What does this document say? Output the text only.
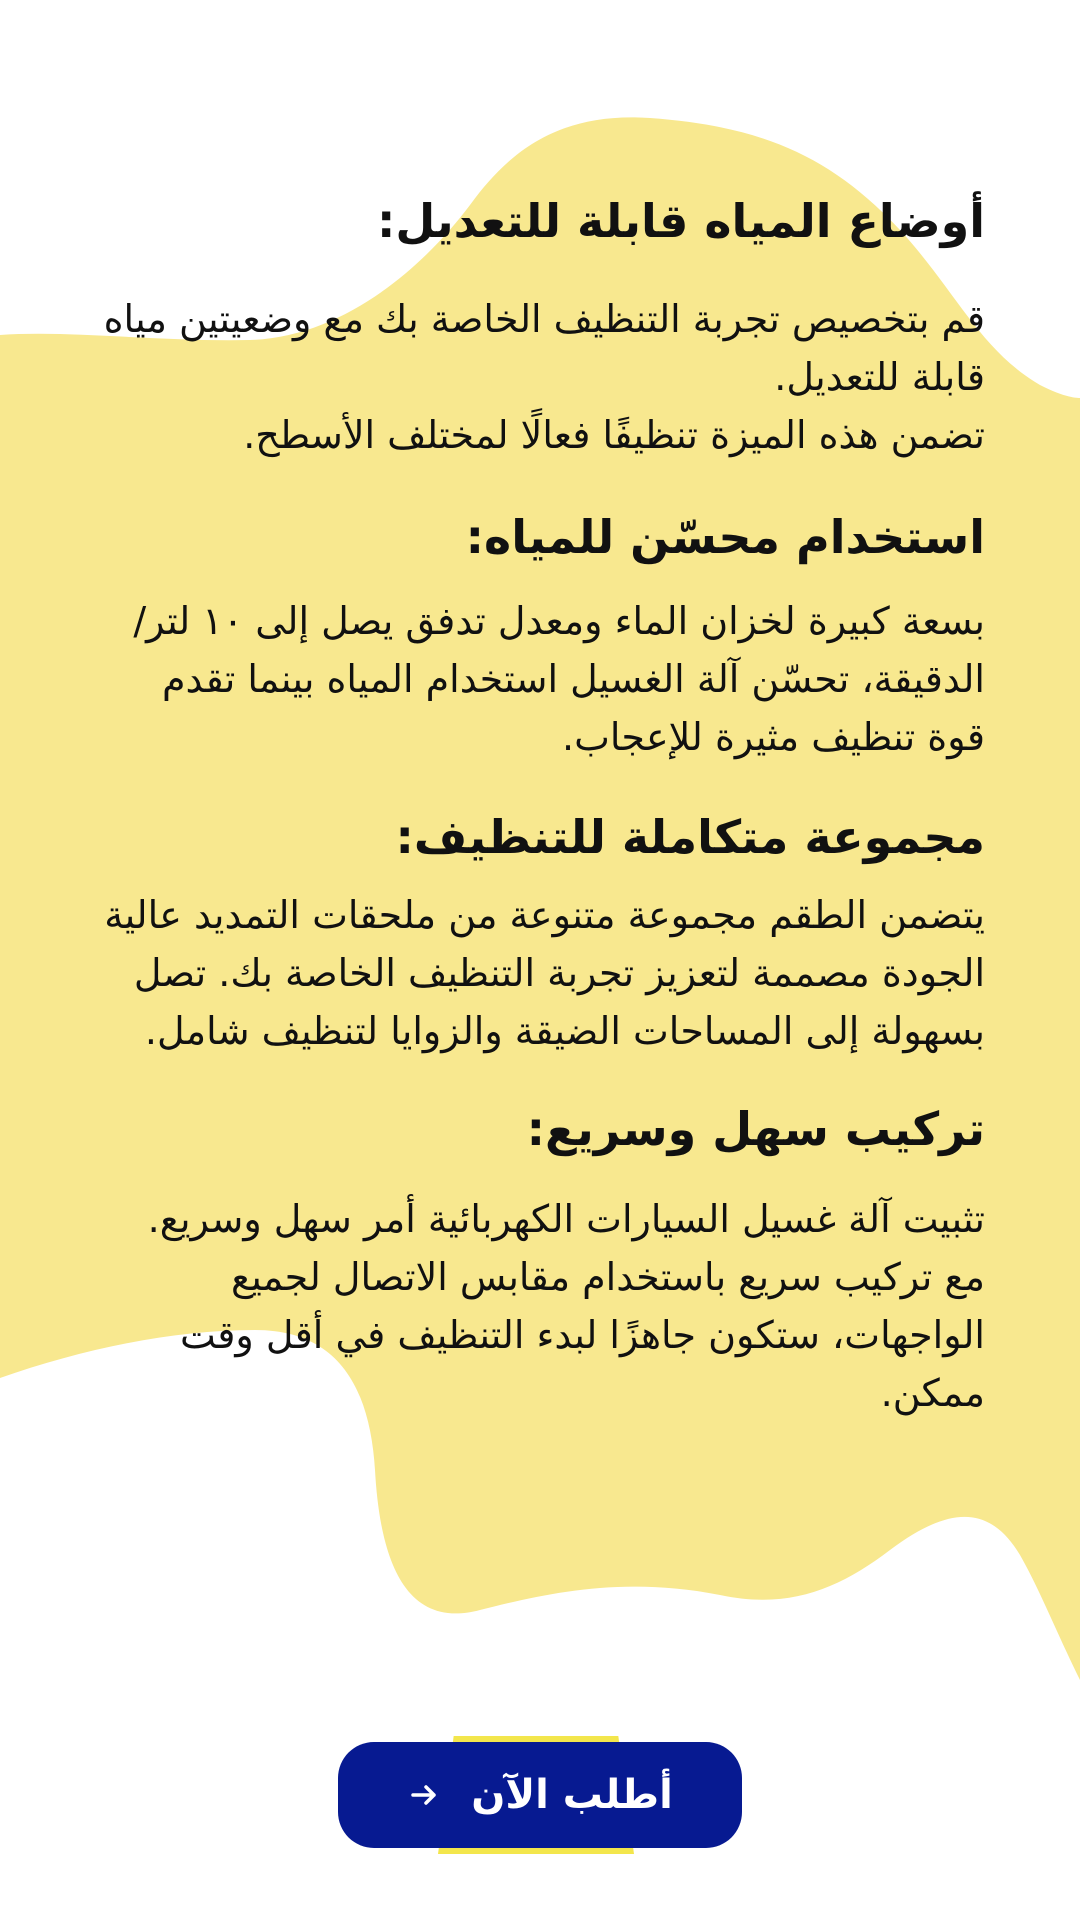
أوضاع المياه قابلة للتعديل:

قم بتخصيص تجربة التنظيف الخاصة بك مع وضعيتين مياه قابلة للتعديل.
تضمن هذه الميزة تنظيفًا فعالًا لمختلف الأسطح.

استخدام محسّن للمياه:

بسعة كبيرة لخزان الماء ومعدل تدفق يصل إلى ١٠ لتر/الدقيقة، تحسّن آلة الغسيل استخدام المياه بينما تقدم قوة تنظيف مثيرة للإعجاب.

مجموعة متكاملة للتنظيف:

يتضمن الطقم مجموعة متنوعة من ملحقات التمديد عالية الجودة مصممة لتعزيز تجربة التنظيف الخاصة بك. تصل بسهولة إلى المساحات الضيقة والزوايا لتنظيف شامل.

تركيب سهل وسريع:

تثبيت آلة غسيل السيارات الكهربائية أمر سهل وسريع. مع تركيب سريع باستخدام مقابس الاتصال لجميع الواجهات، ستكون جاهزًا لبدء التنظيف في أقل وقت ممكن.

أطلب الآن
